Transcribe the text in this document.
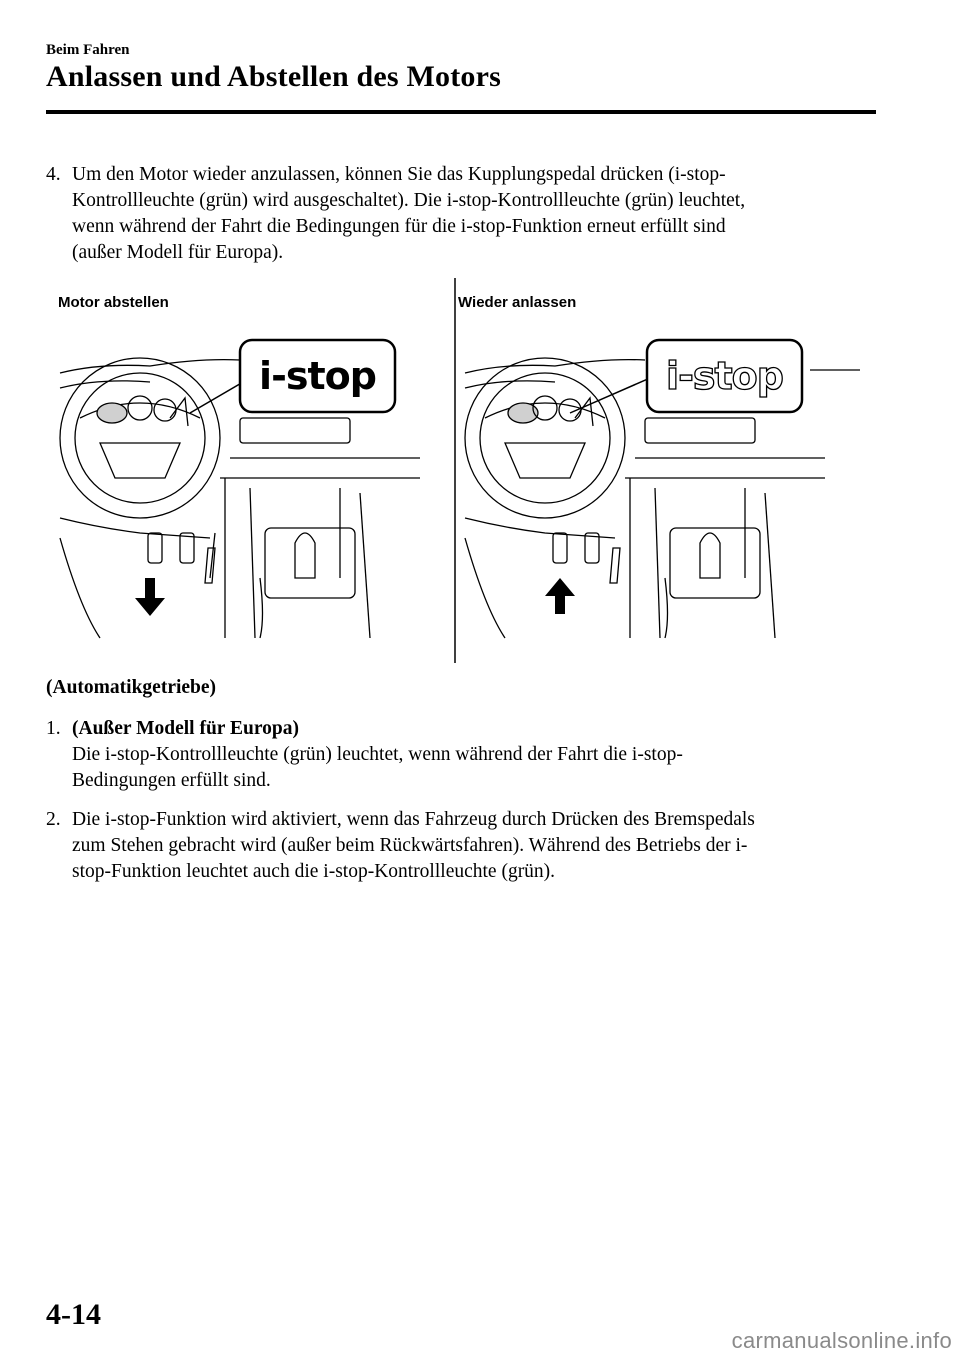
Beim Fahren
Anlassen und Abstellen des Motors
4. Um den Motor wieder anzulassen, können Sie das Kupplungspedal drücken (i-stop-
Kontrollleuchte (grün) wird ausgeschaltet). Die i-stop-Kontrollleuchte (grün) leuchtet,
wenn während der Fahrt die Bedingungen für die i-stop-Funktion erneut erfüllt sind
(außer Modell für Europa).
Motor abstellen	Wieder anlassen
i-stop	i-stop
(Automatikgetriebe)
1. (Außer Modell für Europa)
Die i-stop-Kontrollleuchte (grün) leuchtet, wenn während der Fahrt die i-stop-
Bedingungen erfüllt sind.
2. Die i-stop-Funktion wird aktiviert, wenn das Fahrzeug durch Drücken des Bremspedals
zum Stehen gebracht wird (außer beim Rückwärtsfahren). Während des Betriebs der i-
stop-Funktion leuchtet auch die i-stop-Kontrollleuchte (grün).
4-14
carmanualsonline.info
